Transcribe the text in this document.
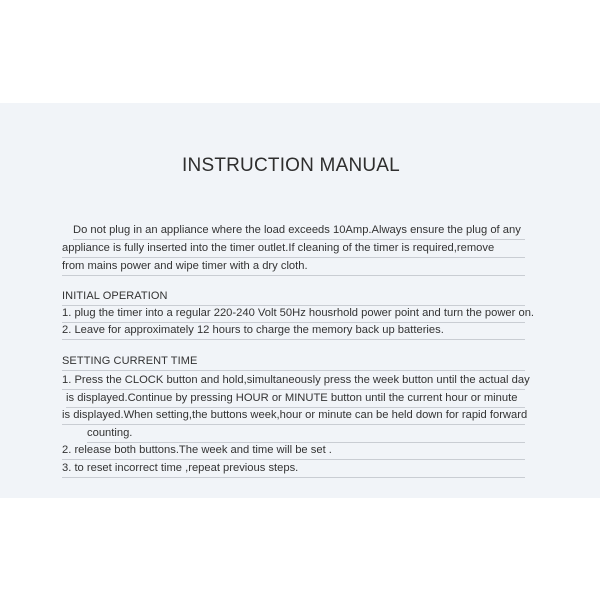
INSTRUCTION MANUAL
Do not plug in an appliance where the load exceeds 10Amp.Always ensure the plug of any
appliance is fully inserted into the timer outlet.If cleaning of the timer is required,remove
from mains power and wipe timer with a dry cloth.
INITIAL OPERATION
1. plug the timer into a regular 220-240 Volt 50Hz housrhold power point and turn the power on.
2. Leave for approximately 12 hours to charge the memory back up batteries.
SETTING CURRENT TIME
1. Press the CLOCK button and hold,simultaneously press the week button until the actual day
is displayed.Continue by pressing HOUR or MINUTE button until the current hour or minute
is displayed.When setting,the buttons week,hour or minute can be held down for rapid forward
counting.
2. release both buttons.The week and time will be set .
3. to reset incorrect time ,repeat previous steps.
